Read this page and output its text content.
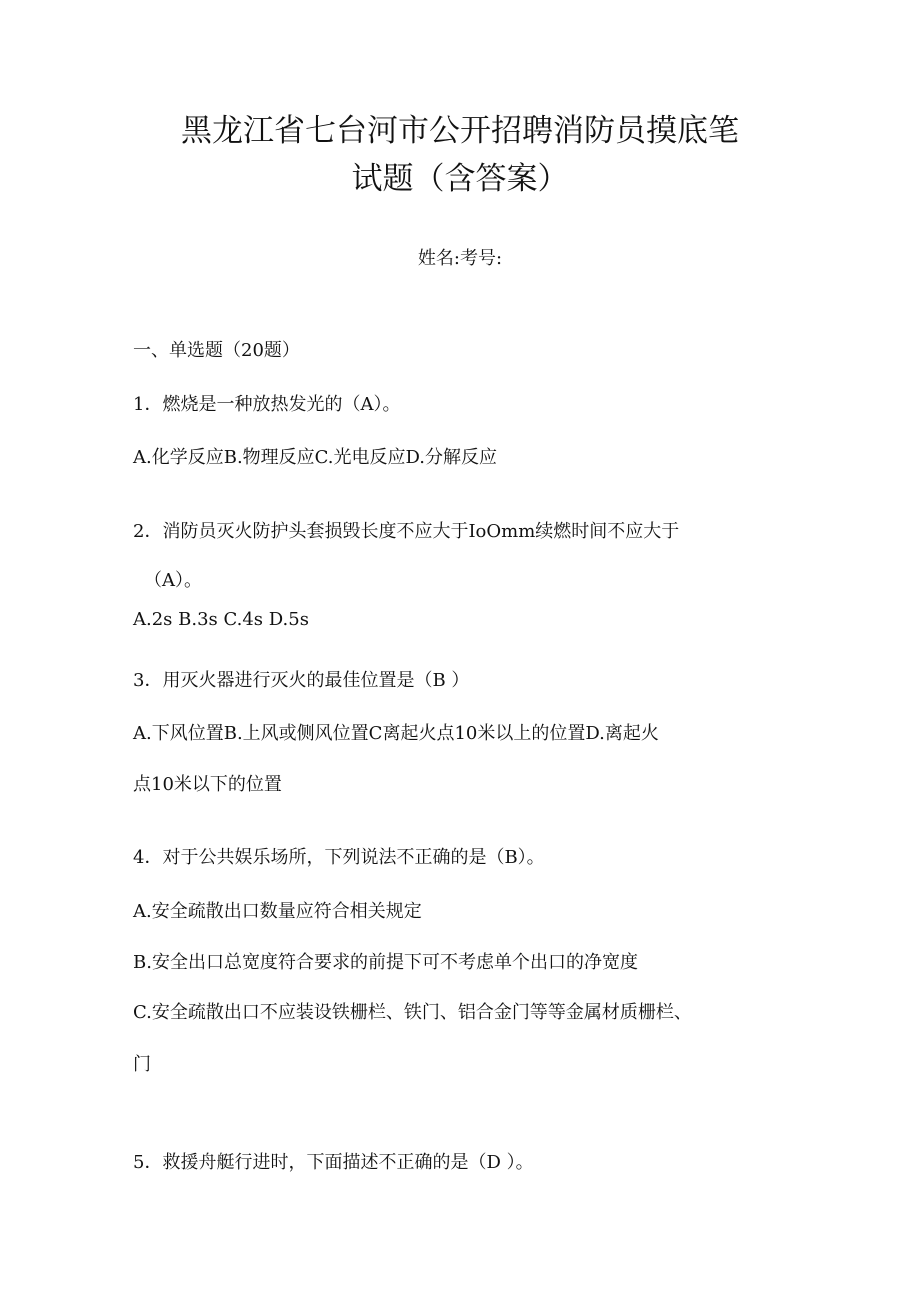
黑龙江省七台河市公开招聘消防员摸底笔
试题（含答案）
姓名:考号:
一、单选题（20题）
1．燃烧是一种放热发光的（A）。
A.化学反应B.物理反应C.光电反应D.分解反应
2．消防员灭火防护头套损毁长度不应大于IoOmm续燃时间不应大于
（A）。
A.2s B.3s C.4s D.5s
3．用灭火器进行灭火的最佳位置是（B ）
A.下风位置B.上风或侧风位置C离起火点10米以上的位置D.离起火
点10米以下的位置
4．对于公共娱乐场所，下列说法不正确的是（B）。
A.安全疏散出口数量应符合相关规定
B.安全出口总宽度符合要求的前提下可不考虑单个出口的净宽度
C.安全疏散出口不应装设铁栅栏、铁门、铝合金门等等金属材质栅栏、
门
5．救援舟艇行进时，下面描述不正确的是（D ）。
